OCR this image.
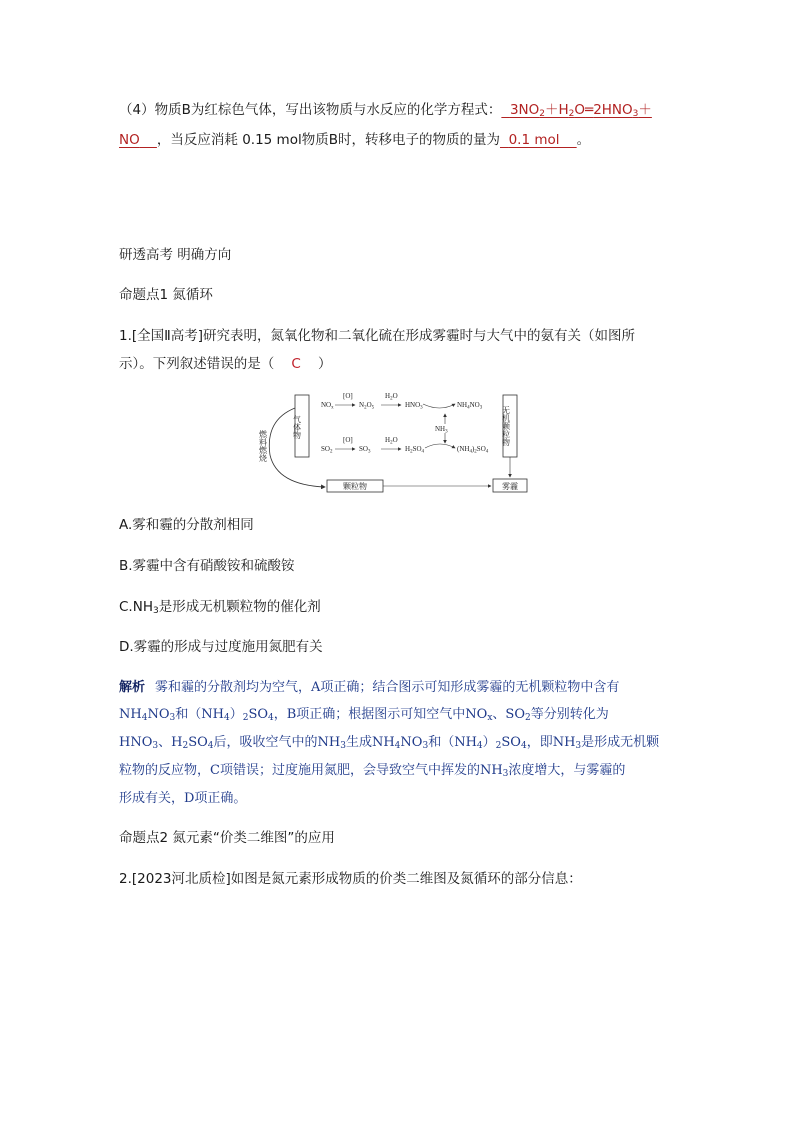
（4）物质B为红棕色气体，写出该物质与水反应的化学方程式： $3NO_2+H_2O═2HNO_3+$
NO ，当反应消耗 0.15 mol物质B时，转移电子的物质的量为 0.1 mol 。
研透高考 明确方向
命题点1 氮循环
1.[全国Ⅱ高考]研究表明，氮氧化物和二氧化硫在形成雾霾时与大气中的氨有关（如图所
示）。下列叙述错误的是（ C ）
气体物
燃料燃烧
$NO_x$
[O]
$N_2O_5$
$H_2O$
$HNO_3$	$NH_4NO_3$
$NH_3$
$SO_2$
[O]
$SO_3$
$H_2O$
$H_2SO_4$	$(NH_4)_2SO_4$
无机颗粒物
颗粒物	雾霾
A.雾和霾的分散剂相同
B.雾霾中含有硝酸铵和硫酸铵
$C.NH_3$是形成无机颗粒物的催化剂
D.雾霾的形成与过度施用氮肥有关
解析 雾和霾的分散剂均为空气，A项正确；结合图示可知形成雾霾的无机颗粒物中含有
$NH_4NO_3$和$(NH_4)_2SO_4$，B项正确；根据图示可知空气中$NO_x$、$SO_2$等分别转化为
$HNO_3$、$H_2SO_4$后，吸收空气中的$NH_3$生成$NH_4NO_3$和$(NH_4)_2SO_4$，即$NH_3$是形成无机颗
粒物的反应物，C项错误；过度施用氮肥，会导致空气中挥发的$NH_3$浓度增大，与雾霾的
形成有关，D项正确。
命题点2 氮元素“价类二维图”的应用
2.[2023河北质检]如图是氮元素形成物质的价类二维图及氮循环的部分信息：
